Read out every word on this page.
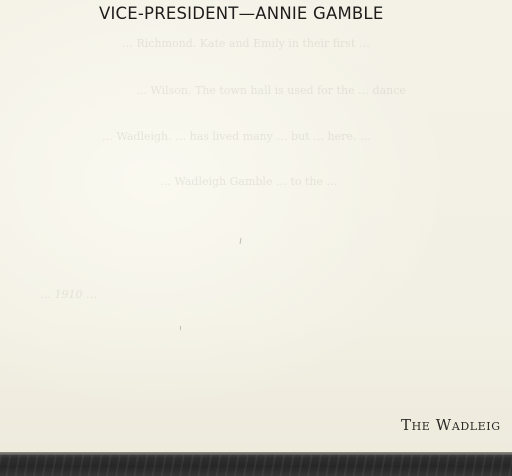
VICE-PRESIDENT—ANNIE GAMBLE
… Richmond. Kate and Emily in their first …
… Wilson. The town hall is used for the … dance
… Wadleigh. … has lived many … but … here. …
… Wadleigh Gamble … to the …
… 1910 …
The Wadleig
